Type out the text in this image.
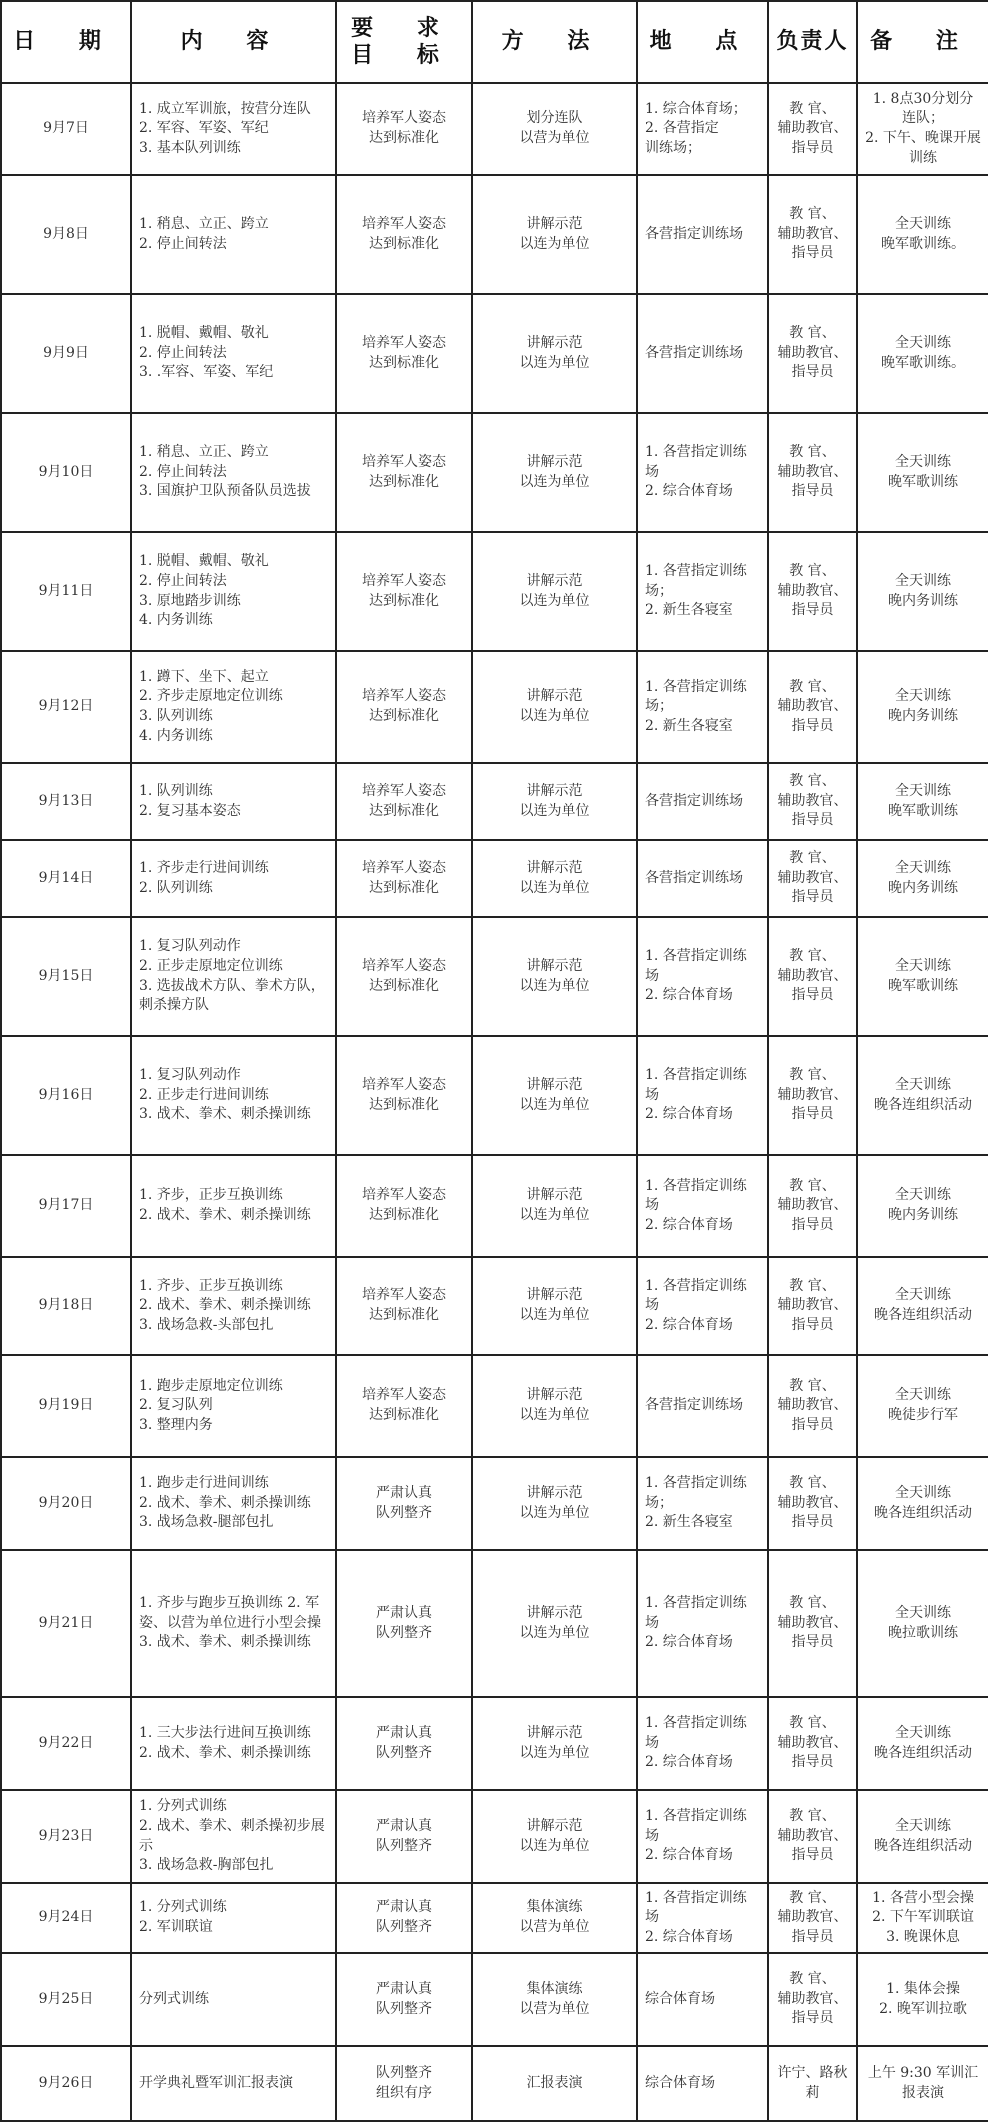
日 期	内 容	要 求
目 标	方 法	地 点	负责人	备 注
9月7日	1. 成立军训旅，按营分连队
2. 军容、军姿、军纪
3. 基本队列训练	培养军人姿态
达到标准化	划分连队
以营为单位	1. 综合体育场；
2. 各营指定
训练场；	教 官、
辅助教官、
指导员	1. 8点30分划分
连队；
2. 下午、晚课开展
训练

9月8日	1. 稍息、立正、跨立
2. 停止间转法	培养军人姿态
达到标准化	讲解示范
以连为单位	各营指定训练场	教 官、
辅助教官、
指导员	全天训练
晚军歌训练。

9月9日	1. 脱帽、戴帽、敬礼
2. 停止间转法
3. .军容、军姿、军纪	培养军人姿态
达到标准化	讲解示范
以连为单位	各营指定训练场	教 官、
辅助教官、
指导员	全天训练
晚军歌训练。

9月10日	1. 稍息、立正、跨立
2. 停止间转法
3. 国旗护卫队预备队员选拔	培养军人姿态
达到标准化	讲解示范
以连为单位	1. 各营指定训练
场
2. 综合体育场	教 官、
辅助教官、
指导员	全天训练
晚军歌训练

9月11日	1. 脱帽、戴帽、敬礼
2. 停止间转法
3. 原地踏步训练
4. 内务训练	培养军人姿态
达到标准化	讲解示范
以连为单位	1. 各营指定训练
场；
2. 新生各寝室	教 官、
辅助教官、
指导员	全天训练
晚内务训练

9月12日	1. 蹲下、坐下、起立
2. 齐步走原地定位训练
3. 队列训练
4. 内务训练	培养军人姿态
达到标准化	讲解示范
以连为单位	1. 各营指定训练
场；
2. 新生各寝室	教 官、
辅助教官、
指导员	全天训练
晚内务训练

9月13日	1. 队列训练
2. 复习基本姿态	培养军人姿态
达到标准化	讲解示范
以连为单位	各营指定训练场	教 官、
辅助教官、
指导员	全天训练
晚军歌训练

9月14日	1. 齐步走行进间训练
2. 队列训练	培养军人姿态
达到标准化	讲解示范
以连为单位	各营指定训练场	教 官、
辅助教官、
指导员	全天训练
晚内务训练

9月15日	1. 复习队列动作
2. 正步走原地定位训练
3. 选拔战术方队、拳术方队，
刺杀操方队	培养军人姿态
达到标准化	讲解示范
以连为单位	1. 各营指定训练
场
2. 综合体育场	教 官、
辅助教官、
指导员	全天训练
晚军歌训练

9月16日	1. 复习队列动作
2. 正步走行进间训练
3. 战术、拳术、刺杀操训练	培养军人姿态
达到标准化	讲解示范
以连为单位	1. 各营指定训练
场
2. 综合体育场	教 官、
辅助教官、
指导员	全天训练
晚各连组织活动

9月17日	1. 齐步，正步互换训练
2. 战术、拳术、刺杀操训练	培养军人姿态
达到标准化	讲解示范
以连为单位	1. 各营指定训练
场
2. 综合体育场	教 官、
辅助教官、
指导员	全天训练
晚内务训练

9月18日	1. 齐步、正步互换训练
2. 战术、拳术、刺杀操训练
3. 战场急救-头部包扎	培养军人姿态
达到标准化	讲解示范
以连为单位	1. 各营指定训练
场
2. 综合体育场	教 官、
辅助教官、
指导员	全天训练
晚各连组织活动

9月19日	1. 跑步走原地定位训练
2. 复习队列
3. 整理内务	培养军人姿态
达到标准化	讲解示范
以连为单位	各营指定训练场	教 官、
辅助教官、
指导员	全天训练
晚徒步行军

9月20日	1. 跑步走行进间训练
2. 战术、拳术、刺杀操训练
3. 战场急救-腿部包扎	严肃认真
队列整齐	讲解示范
以连为单位	1. 各营指定训练场；
2. 新生各寝室	教 官、
辅助教官、
指导员	全天训练
晚各连组织活动

9月21日	1. 齐步与跑步互换训练 2. 军
姿、以营为单位进行小型会操
3. 战术、拳术、刺杀操训练	严肃认真
队列整齐	讲解示范
以连为单位	1. 各营指定训练
场
2. 综合体育场	教 官、
辅助教官、
指导员	全天训练
晚拉歌训练

9月22日	1. 三大步法行进间互换训练
2. 战术、拳术、刺杀操训练	严肃认真
队列整齐	讲解示范
以连为单位	1. 各营指定训练
场
2. 综合体育场	教 官、
辅助教官、
指导员	全天训练
晚各连组织活动

9月23日	1. 分列式训练
2. 战术、拳术、刺杀操初步展
示
3. 战场急救-胸部包扎	严肃认真
队列整齐	讲解示范
以连为单位	1. 各营指定训练
场
2. 综合体育场	教 官、
辅助教官、
指导员	全天训练
晚各连组织活动

9月24日	1. 分列式训练
2. 军训联谊	严肃认真
队列整齐	集体演练
以营为单位	1. 各营指定训练
场
2. 综合体育场	教 官、
辅助教官、
指导员	1. 各营小型会操
2. 下午军训联谊
3. 晚课休息

9月25日	分列式训练	严肃认真
队列整齐	集体演练
以营为单位	综合体育场	教 官、
辅助教官、
指导员	1. 集体会操
2. 晚军训拉歌

9月26日	开学典礼暨军训汇报表演	队列整齐
组织有序	汇报表演	综合体育场	许宁、路秋
莉	上午 9:30 军训汇
报表演
